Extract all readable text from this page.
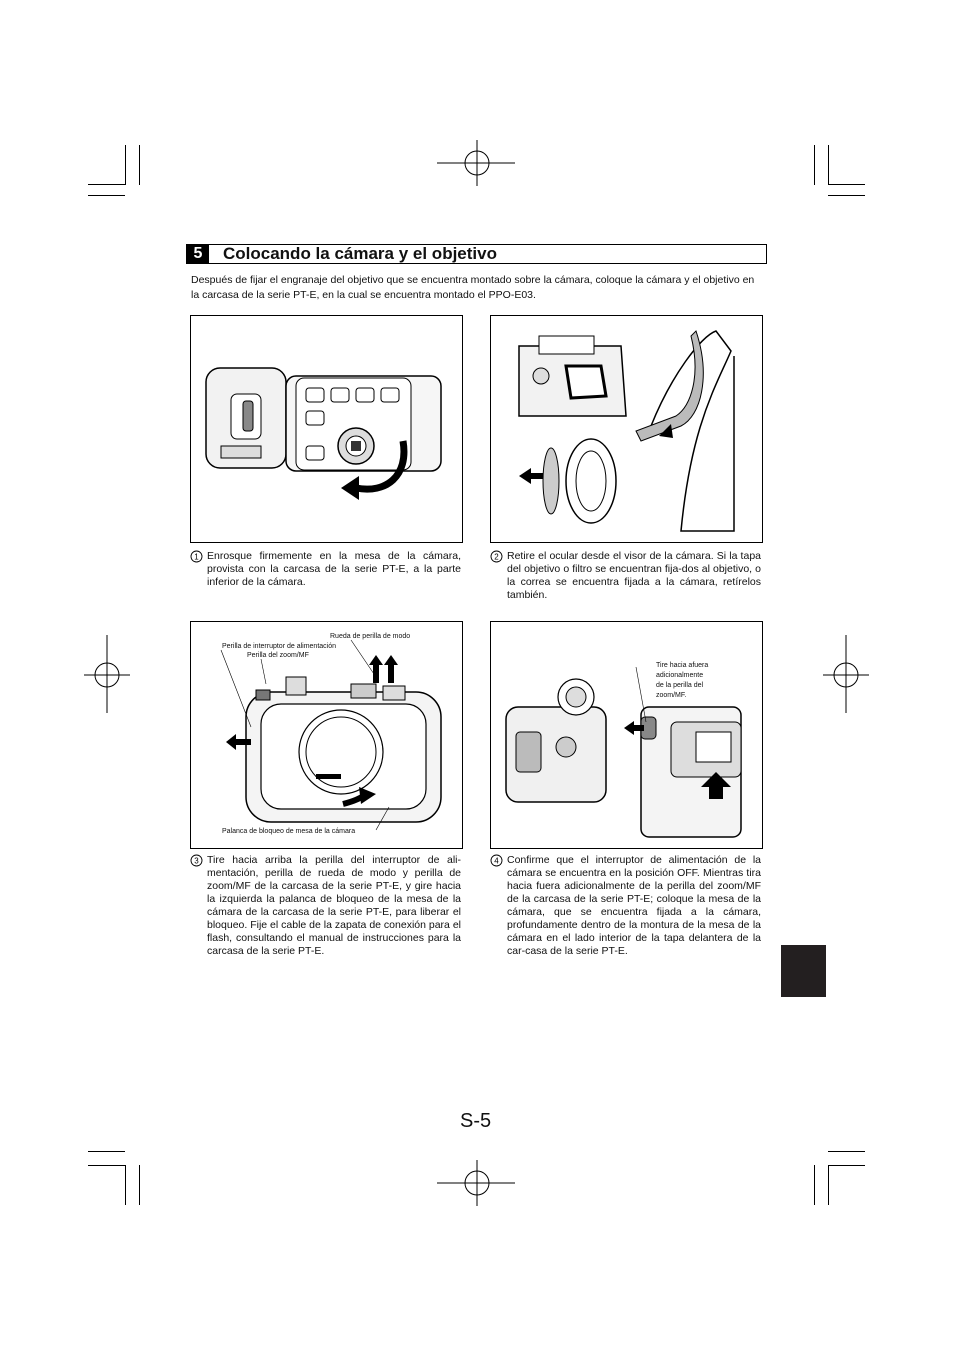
5	Colocando la cámara y el objetivo
Después de fijar el engranaje del objetivo que se encuentra montado sobre la cámara, coloque la cámara y el objetivo en la carcasa de la serie PT-E, en la cual se encuentra montado el PPO-E03.
1 Enrosque firmemente en la mesa de la cámara, provista con la carcasa de la serie PT-E, a la parte inferior de la cámara.
2 Retire el ocular desde el visor de la cámara. Si la tapa del objetivo o filtro se encuentran fija-dos al objetivo, o la correa se encuentra fijada a la cámara, retírelos también.
Rueda de perilla de modo
Perilla de interruptor de alimentación
Perilla del zoom/MF
Palanca de bloqueo de mesa de la cámara
Tire hacia afuera
adicionalmente
de la perilla del
zoom/MF.
3 Tire hacia arriba la perilla del interruptor de ali-mentación, perilla de rueda de modo y perilla de zoom/MF de la carcasa de la serie PT-E, y gire hacia la izquierda la palanca de bloqueo de la mesa de la cámara de la carcasa de la serie PT-E, para liberar el bloqueo. Fije el cable de la zapata de conexión para el flash, consultando el manual de instrucciones para la carcasa de la serie PT-E.
4 Confirme que el interruptor de alimentación de la cámara se encuentra en la posición OFF. Mientras tira hacia fuera adicionalmente de la perilla del zoom/MF de la carcasa de la serie PT-E; coloque la mesa de la cámara, que se encuentra fijada a la cámara, profundamente dentro de la montura de la mesa de la cámara en el lado interior de la tapa delantera de la car-casa de la serie PT-E.
S-5
